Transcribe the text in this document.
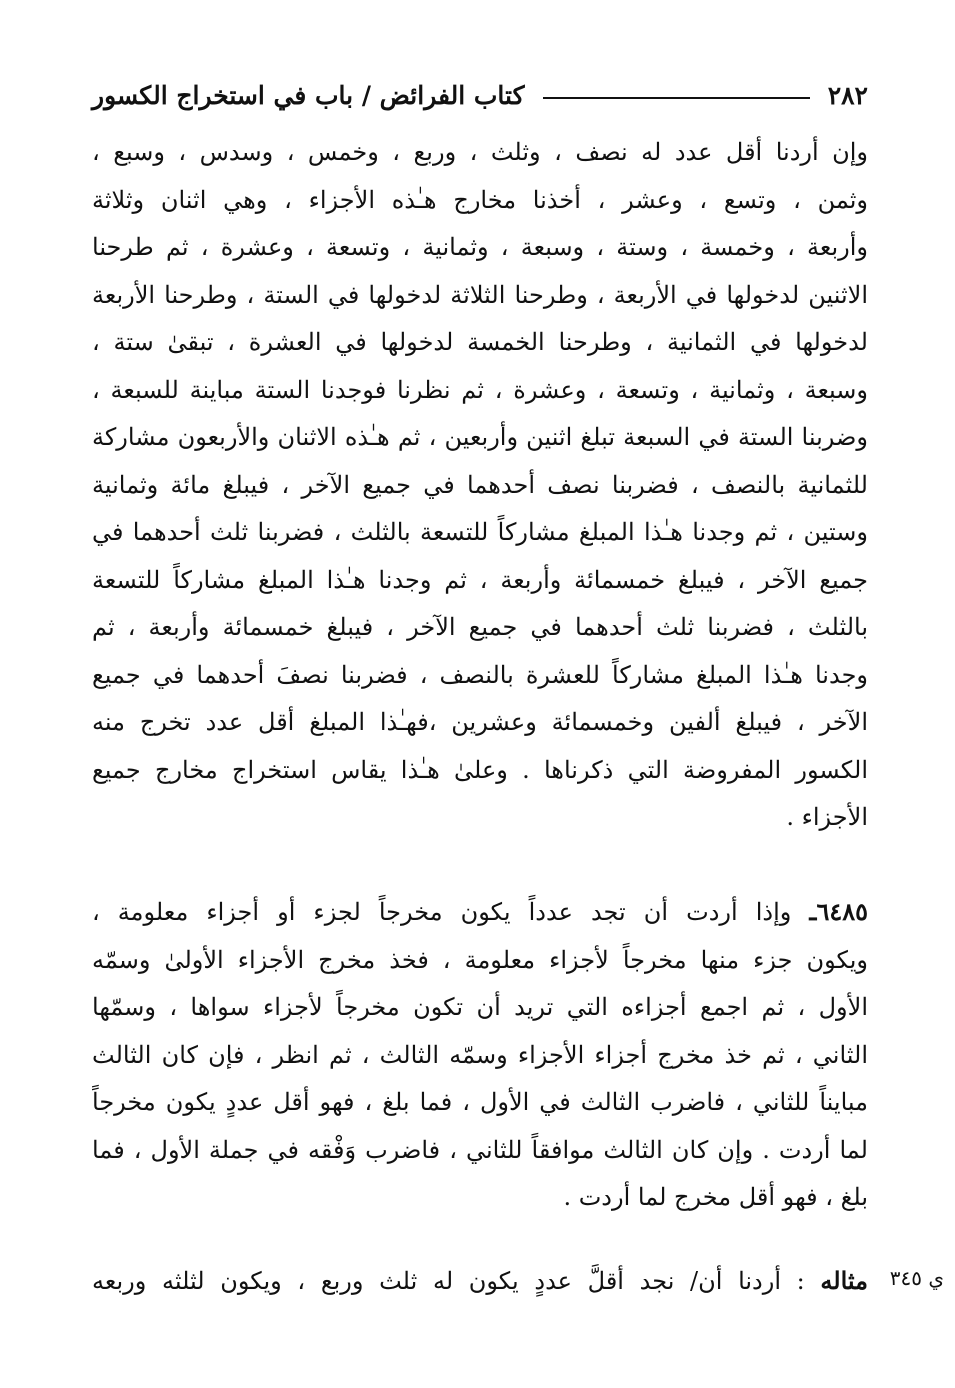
٢٨٢
كتاب الفرائض / باب في استخراج الكسور
وإن أردنا أقل عدد له نصف ، وثلث ، وربع ، وخمس ، وسدس ، وسبع ،
وثمن ، وتسع ، وعشر ، أخذنا مخارج هـٰذه الأجزاء ، وهي اثنان وثلاثة
وأربعة ، وخمسة ، وستة ، وسبعة ، وثمانية ، وتسعة ، وعشرة ، ثم طرحنا
الاثنين لدخولها في الأربعة ، وطرحنا الثلاثة لدخولها في الستة ، وطرحنا الأربعة
لدخولها في الثمانية ، وطرحنا الخمسة لدخولها في العشرة ، تبقىٰ ستة ،
وسبعة ، وثمانية ، وتسعة ، وعشرة ، ثم نظرنا فوجدنا الستة مباينة للسبعة ،
وضربنا الستة في السبعة تبلغ اثنين وأربعين ، ثم هـٰذه الاثنان والأربعون مشاركة
للثمانية بالنصف ، فضربنا نصف أحدهما في جميع الآخر ، فيبلغ مائة وثمانية
وستين ، ثم وجدنا هـٰذا المبلغ مشاركاً للتسعة بالثلث ، فضربنا ثلث أحدهما في
جميع الآخر ، فيبلغ خمسمائة وأربعة ، ثم وجدنا هـٰذا المبلغ مشاركاً للتسعة
بالثلث ، فضربنا ثلث أحدهما في جميع الآخر ، فيبلغ خمسمائة وأربعة ، ثم
وجدنا هـٰذا المبلغ مشاركاً للعشرة بالنصف ، فضربنا نصفَ أحدهما في جميع
الآخر ، فيبلغ ألفين وخمسمائة وعشرين ،فهـٰذا المبلغ أقل عدد تخرج منه
الكسور المفروضة التي ذكرناها . وعلىٰ هـٰذا يقاس استخراج مخارج جميع
الأجزاء .
٦٤٨٥ـ وإذا أردت أن تجد عدداً يكون مخرجاً لجزء أو أجزاء معلومة ،
ويكون جزء منها مخرجاً لأجزاء معلومة ، فخذ مخرج الأجزاء الأولىٰ وسمّه
الأول ، ثم اجمع أجزاءه التي تريد أن تكون مخرجاً لأجزاء سواها ، وسمّها
الثاني ، ثم خذ مخرج أجزاء الأجزاء وسمّه الثالث ، ثم انظر ، فإن كان الثالث
مبايناً للثاني ، فاضرب الثالث في الأول ، فما بلغ ، فهو أقل عددٍ يكون مخرجاً
لما أردت . وإن كان الثالث موافقاً للثاني ، فاضرب وَفْقه في جملة الأول ، فما
بلغ ، فهو أقل مخرج لما أردت .
مثاله : أردنا أن/ نجد أقلَّ عددٍ يكون له ثلث وربع ، ويكون لثلثه وربعه	ي ٣٤٥
